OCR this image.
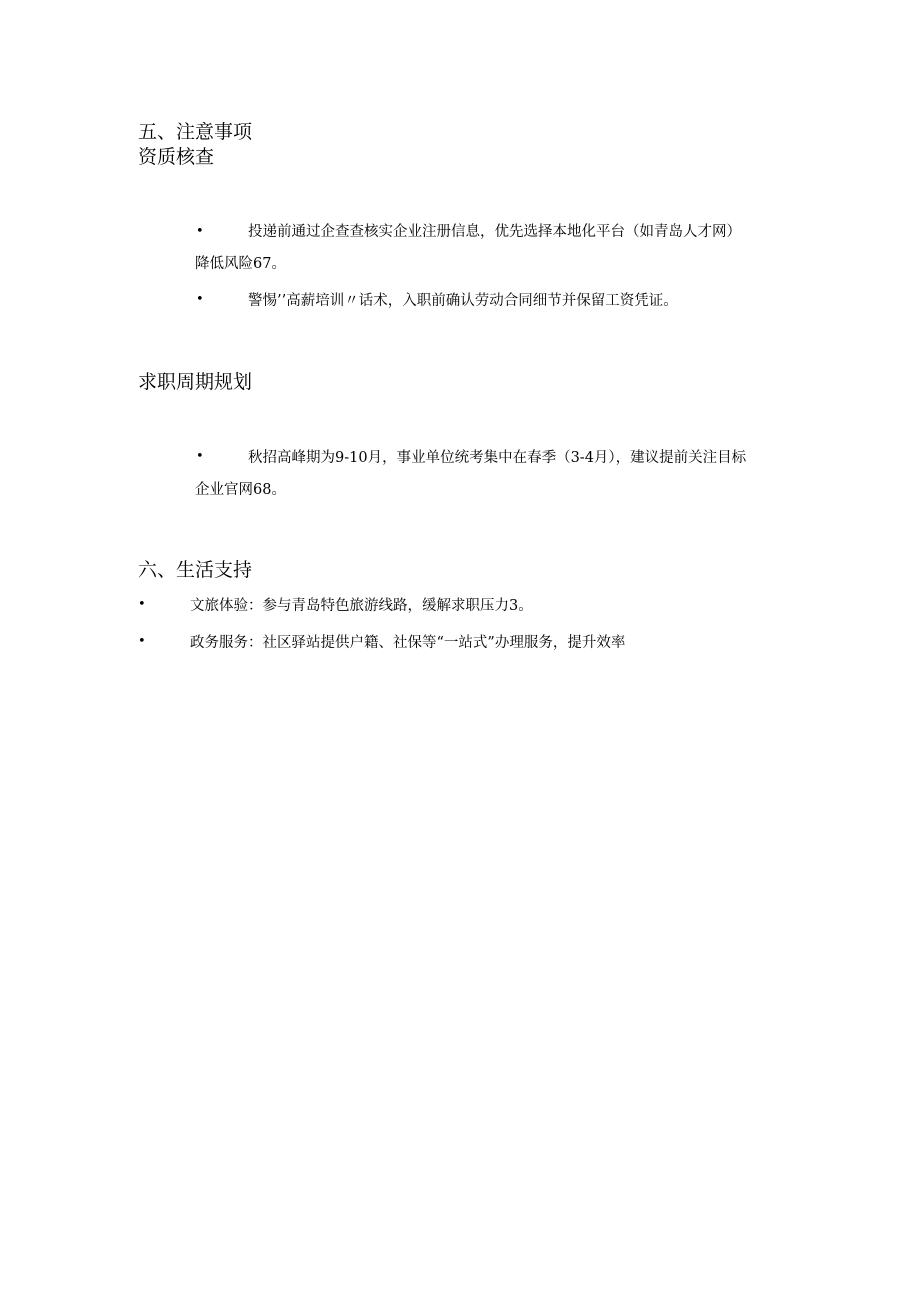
五、注意事项
资质核查
•	投递前通过企查查核实企业注册信息，优先选择本地化平台（如青岛人才网）
降低风险67。
•	警惕’’高薪培训〃话术，入职前确认劳动合同细节并保留工资凭证。
求职周期规划
•	秋招高峰期为9-10月，事业单位统考集中在春季（3-4月），建议提前关注目标
企业官网68。
六、生活支持
•	文旅体验：参与青岛特色旅游线路，缓解求职压力3。
•	政务服务：社区驿站提供户籍、社保等“一站式”办理服务，提升效率
